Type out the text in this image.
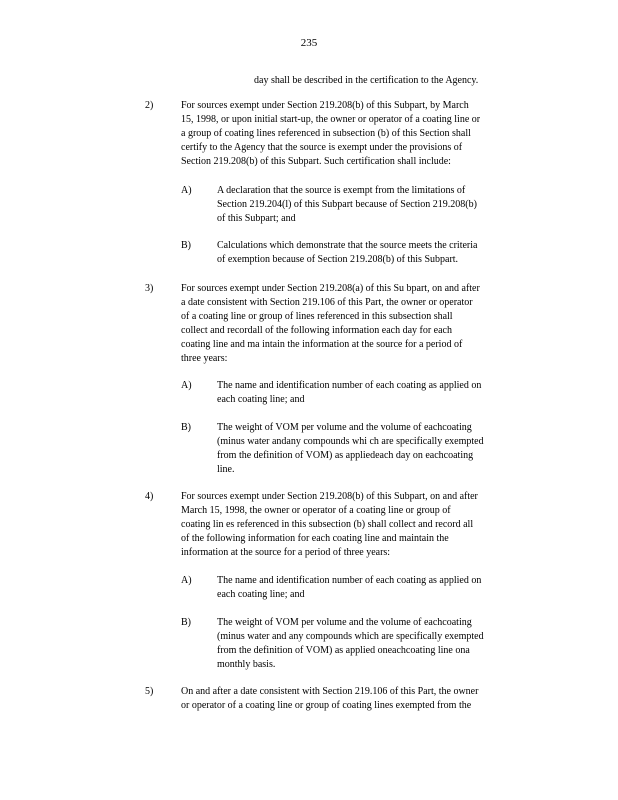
235
day shall be described in the certification to the Agency.
2)	For sources exempt under Section 219.208(b) of this Subpart, by March
15, 1998, or upon initial start-up, the owner or operator of a coating line or
a group of coating lines referenced in subsection (b) of this Section shall
certify to the Agency that the source is exempt under the provisions of
Section 219.208(b) of this Subpart. Such certification shall include:
A)	A declaration that the source is exempt from the limitations of
Section 219.204(l) of this Subpart because of Section 219.208(b)
of this Subpart; and
B)	Calculations which demonstrate that the source meets the criteria
of exemption because of Section 219.208(b) of this Subpart.
3)	For sources exempt under Section 219.208(a) of this Su bpart, on and after
a date consistent with Section 219.106 of this Part, the owner or operator
of a coating line or group of lines referenced in this subsection shall
collect and recordall of the following information each day for each
coating line and ma intain the information at the source for a period of
three years:
A)	The name and identification number of each coating as applied on
each coating line; and
B)	The weight of VOM per volume and the volume of eachcoating
(minus water andany compounds whi ch are specifically exempted
from the definition of VOM) as appliedeach day on eachcoating
line.
4)	For sources exempt under Section 219.208(b) of this Subpart, on and after
March 15, 1998, the owner or operator of a coating line or group of
coating lin es referenced in this subsection (b) shall collect and record all
of the following information for each coating line and maintain the
information at the source for a period of three years:
A)	The name and identification number of each coating as applied on
each coating line; and
B)	The weight of VOM per volume and the volume of eachcoating
(minus water and any compounds which are specifically exempted
from the definition of VOM) as applied oneachcoating line ona
monthly basis.
5)	On and after a date consistent with Section 219.106 of this Part, the owner
or operator of a coating line or group of coating lines exempted from the
